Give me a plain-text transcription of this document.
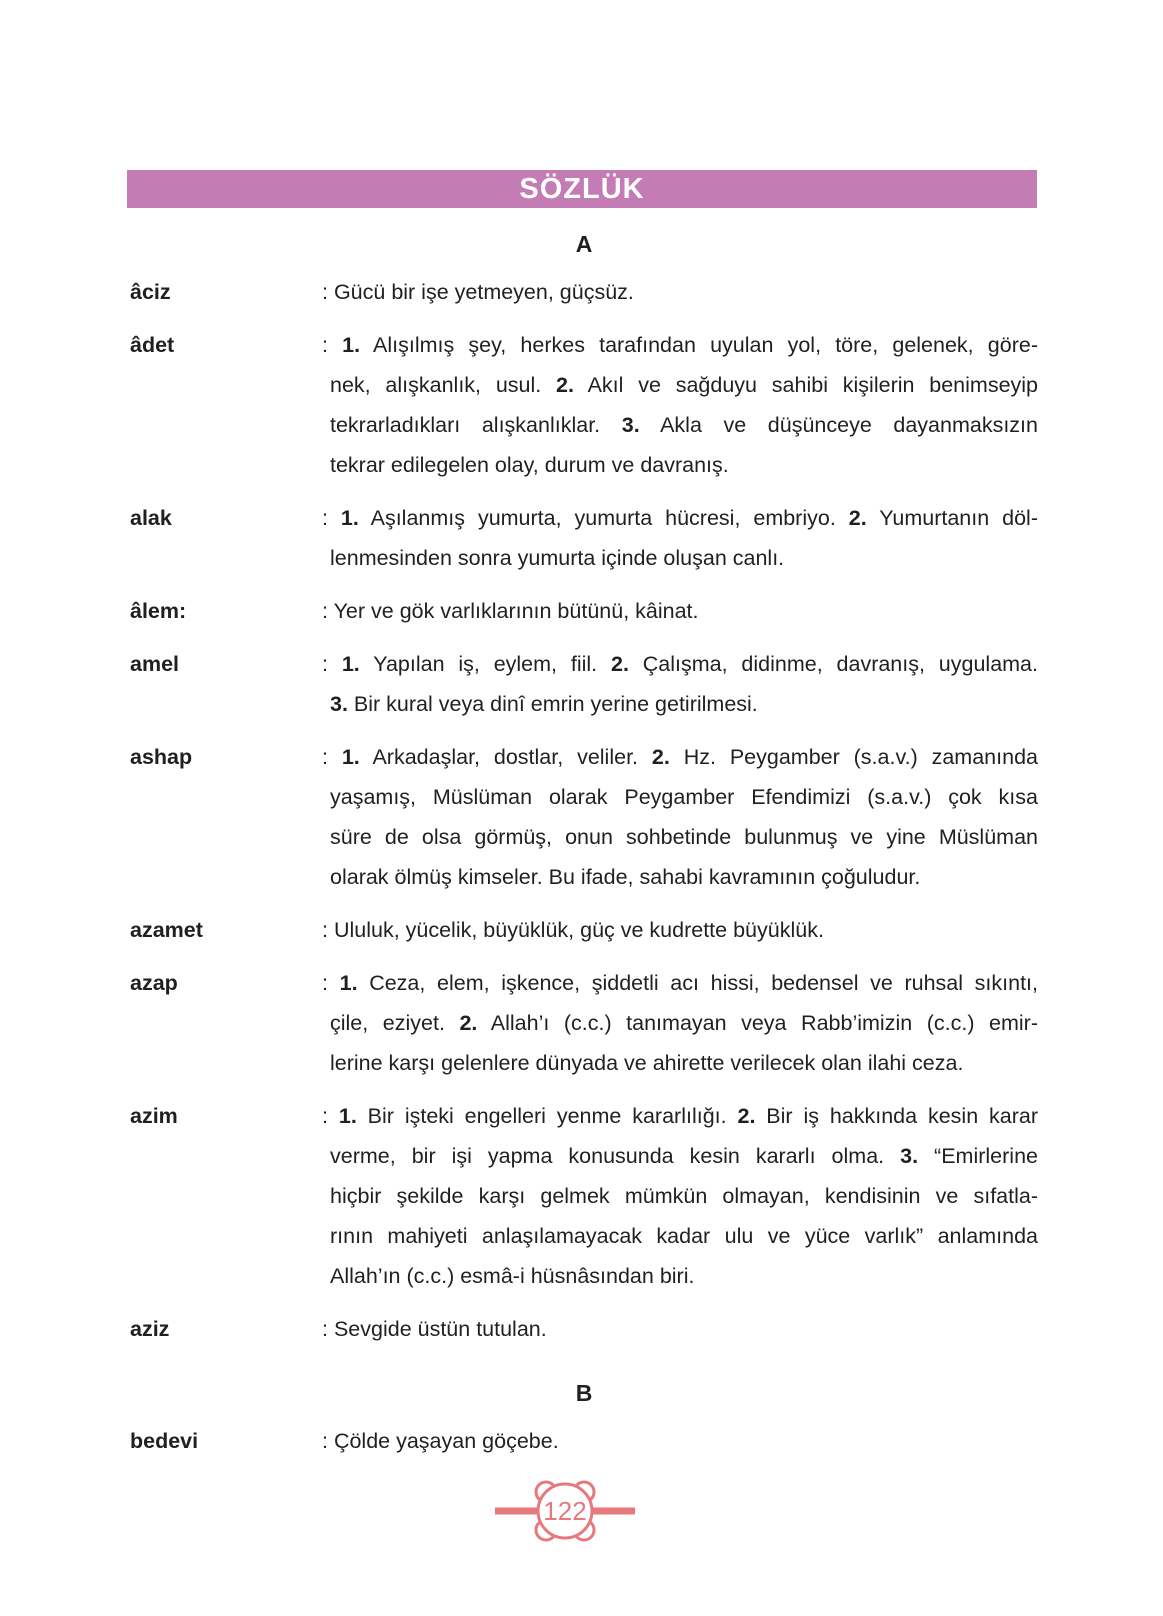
SÖZLÜK
A
âciz	: Gücü bir işe yetmeyen, güçsüz.
âdet	: 1. Alışılmış şey, herkes tarafından uyulan yol, töre, gelenek, göre-
nek, alışkanlık, usul. 2. Akıl ve sağduyu sahibi kişilerin benimseyip
tekrarladıkları alışkanlıklar. 3. Akla ve düşünceye dayanmaksızın
tekrar edilegelen olay, durum ve davranış.
alak	: 1. Aşılanmış yumurta, yumurta hücresi, embriyo. 2. Yumurtanın döl-
lenmesinden sonra yumurta içinde oluşan canlı.
âlem:	: Yer ve gök varlıklarının bütünü, kâinat.
amel	: 1. Yapılan iş, eylem, fiil. 2. Çalışma, didinme, davranış, uygulama.
3. Bir kural veya dinî emrin yerine getirilmesi.
ashap	: 1. Arkadaşlar, dostlar, veliler. 2. Hz. Peygamber (s.a.v.) zamanında
yaşamış, Müslüman olarak Peygamber Efendimizi (s.a.v.) çok kısa
süre de olsa görmüş, onun sohbetinde bulunmuş ve yine Müslüman
olarak ölmüş kimseler. Bu ifade, sahabi kavramının çoğuludur.
azamet	: Ululuk, yücelik, büyüklük, güç ve kudrette büyüklük.
azap	: 1. Ceza, elem, işkence, şiddetli acı hissi, bedensel ve ruhsal sıkıntı,
çile, eziyet. 2. Allah’ı (c.c.) tanımayan veya Rabb’imizin (c.c.) emir-
lerine karşı gelenlere dünyada ve ahirette verilecek olan ilahi ceza.
azim	: 1. Bir işteki engelleri yenme kararlılığı. 2. Bir iş hakkında kesin karar
verme, bir işi yapma konusunda kesin kararlı olma. 3. “Emirlerine
hiçbir şekilde karşı gelmek mümkün olmayan, kendisinin ve sıfatla-
rının mahiyeti anlaşılamayacak kadar ulu ve yüce varlık” anlamında
Allah’ın (c.c.) esmâ-i hüsnâsından biri.
aziz	: Sevgide üstün tutulan.
B
bedevi	: Çölde yaşayan göçebe.
122
